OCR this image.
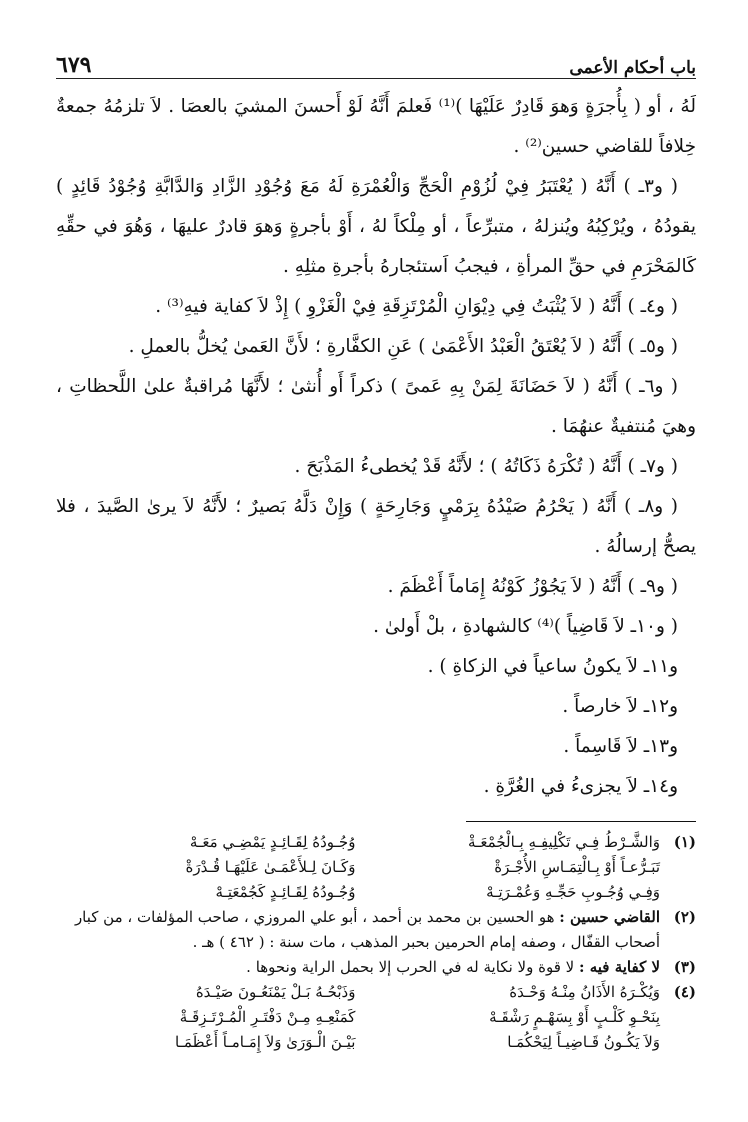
باب أحكام الأعمى
٦٧٩

لَهُ ، أو ( بِأُجرَةٍ وَهوَ قَادِرٌ عَلَيْهَا )⁽¹⁾ فَعلمَ أَنَّهُ لَوْ أَحسنَ المشيَ بالعصَا . لاَ تلزمُهُ جمعةٌ خِلافاً للقاضي حسين⁽²⁾ .

( و٣ـ ) أَنَّهُ ( يُعْتَبَرُ فِيْ لُزُوْمِ الْحَجِّ وَالْعُمْرَةِ لَهُ مَعَ وُجُوْدِ الزَّادِ وَالدَّابَّةِ وُجُوْدُ قَائِدٍ ) يقودُهُ ، ويُرْكِبُهُ ويُنزلهُ ، متبرِّعاً ، أو مِلْكاً لهُ ، أَوْ بأجرةٍ وَهوَ قادرٌ عليهَا ، وَهُوَ في حقِّهِ كَالمَحْرَمِ في حقِّ المرأةِ ، فيجبُ اَستئجارهُ بأجرةِ مثلِهِ .

( و٤ـ ) أَنَّهُ ( لاَ يُثْبَتُ فِي دِيْوَانِ الْمُرْتَزِقَةِ فِيْ الْغَزْوِ ) إِذْ لاَ كفاية فيهِ⁽³⁾ .

( و٥ـ ) أَنَّهُ ( لاَ يُعْتَقُ الْعَبْدُ الأَعْمَىٰ ) عَنِ الكفَّارةِ ؛ لأَنَّ العَمىٰ يُخلُّ بالعملِ .

( و٦ـ ) أَنَّهُ ( لاَ حَضَانَةَ لِمَنْ بِهِ عَمىً ) ذكراً أَو أُنثىٰ ؛ لأَنَّهَا مُراقبةٌ علىٰ اللَّحظاتِ ، وهيَ مُنتفيةٌ عنهُمَا .

( و٧ـ ) أَنَّهُ ( تُكْرَهُ ذَكَاتُهُ ) ؛ لأَنَّهُ قَدْ يُخطىءُ المَذْبَحَ .

( و٨ـ ) أَنَّهُ ( يَحْرُمُ صَيْدُهُ بِرَمْيٍ وَجَارِحَةٍ ) وَإِنْ دَلَّهُ بَصيرٌ ؛ لأَنَّهُ لاَ يرىٰ الصَّيدَ ، فلا يصحُّ إرسالُهُ .

( و٩ـ ) أَنَّهُ ( لاَ يَجُوْزُ كَوْنُهُ إِمَاماً أَعْظَمَ .

( و١٠ـ لاَ قَاضِياً )⁽⁴⁾ كالشهادةِ ، بلْ أَولىٰ .

و١١ـ لاَ يكونُ ساعياً في الزكاةِ ) .

و١٢ـ لاَ خارصاً .

و١٣ـ لاَ قَاسِماً .

و١٤ـ لاَ يجزىءُ في الغُرَّةِ .

(١)
وَالشَّـرْطُ فِـي تَكْلِيفِـهِ بِـالْجُمْعَـةْ
وُجُـودُهُ لِقَـائِـدٍ يَمْضِـي مَعَـهْ
تَبَـرُّعـاً أَوْ بِـالْتِمَـاسِ الأُجْـرَةْ
وَكَـانَ لِـلأَعْمَـىٰ عَلَيْهَـا قُـدْرَةْ
وَفِـي وُجُـوبِ حَجِّـهِ وَعُمْـرَتِـهْ
وُجُـودُهُ لِقَـائِـدٍ كَجُمْعَتِـهْ
(٢)
القاضي حسين : هو الحسين بن محمد بن أحمد ، أبو علي المروزي ، صاحب المؤلفات ، من كبار أصحاب القفّال ، وصفه إمام الحرمين بحبر المذهب ، مات سنة : ( ٤٦٢ ) هـ .
(٣)
لا كفاية فيه : لا قوة ولا نكاية له في الحرب إلا بحمل الراية ونحوها .
(٤)
وَيُكْـرَهُ الأَذَانُ مِنْـهُ وَحْـدَهُ
وَذَبْحُـهُ بَـلْ يَمْنَعُـونَ صَيْـدَهُ
بِنَحْـوِ كَلْـبٍ أَوْ بِسَهْـمٍ رَشْقَـهْ
كَمَنْعِـهِ مِـنْ دَفْتَـرِ الْمُـرْتَـزِقَـةْ
وَلاَ يَكُـونُ قَـاضِيـاً لِيَحْكُمَـا
بَيْـنَ الْـوَرَىٰ وَلاَ إِمَـامـاً أَعْظَمَـا
